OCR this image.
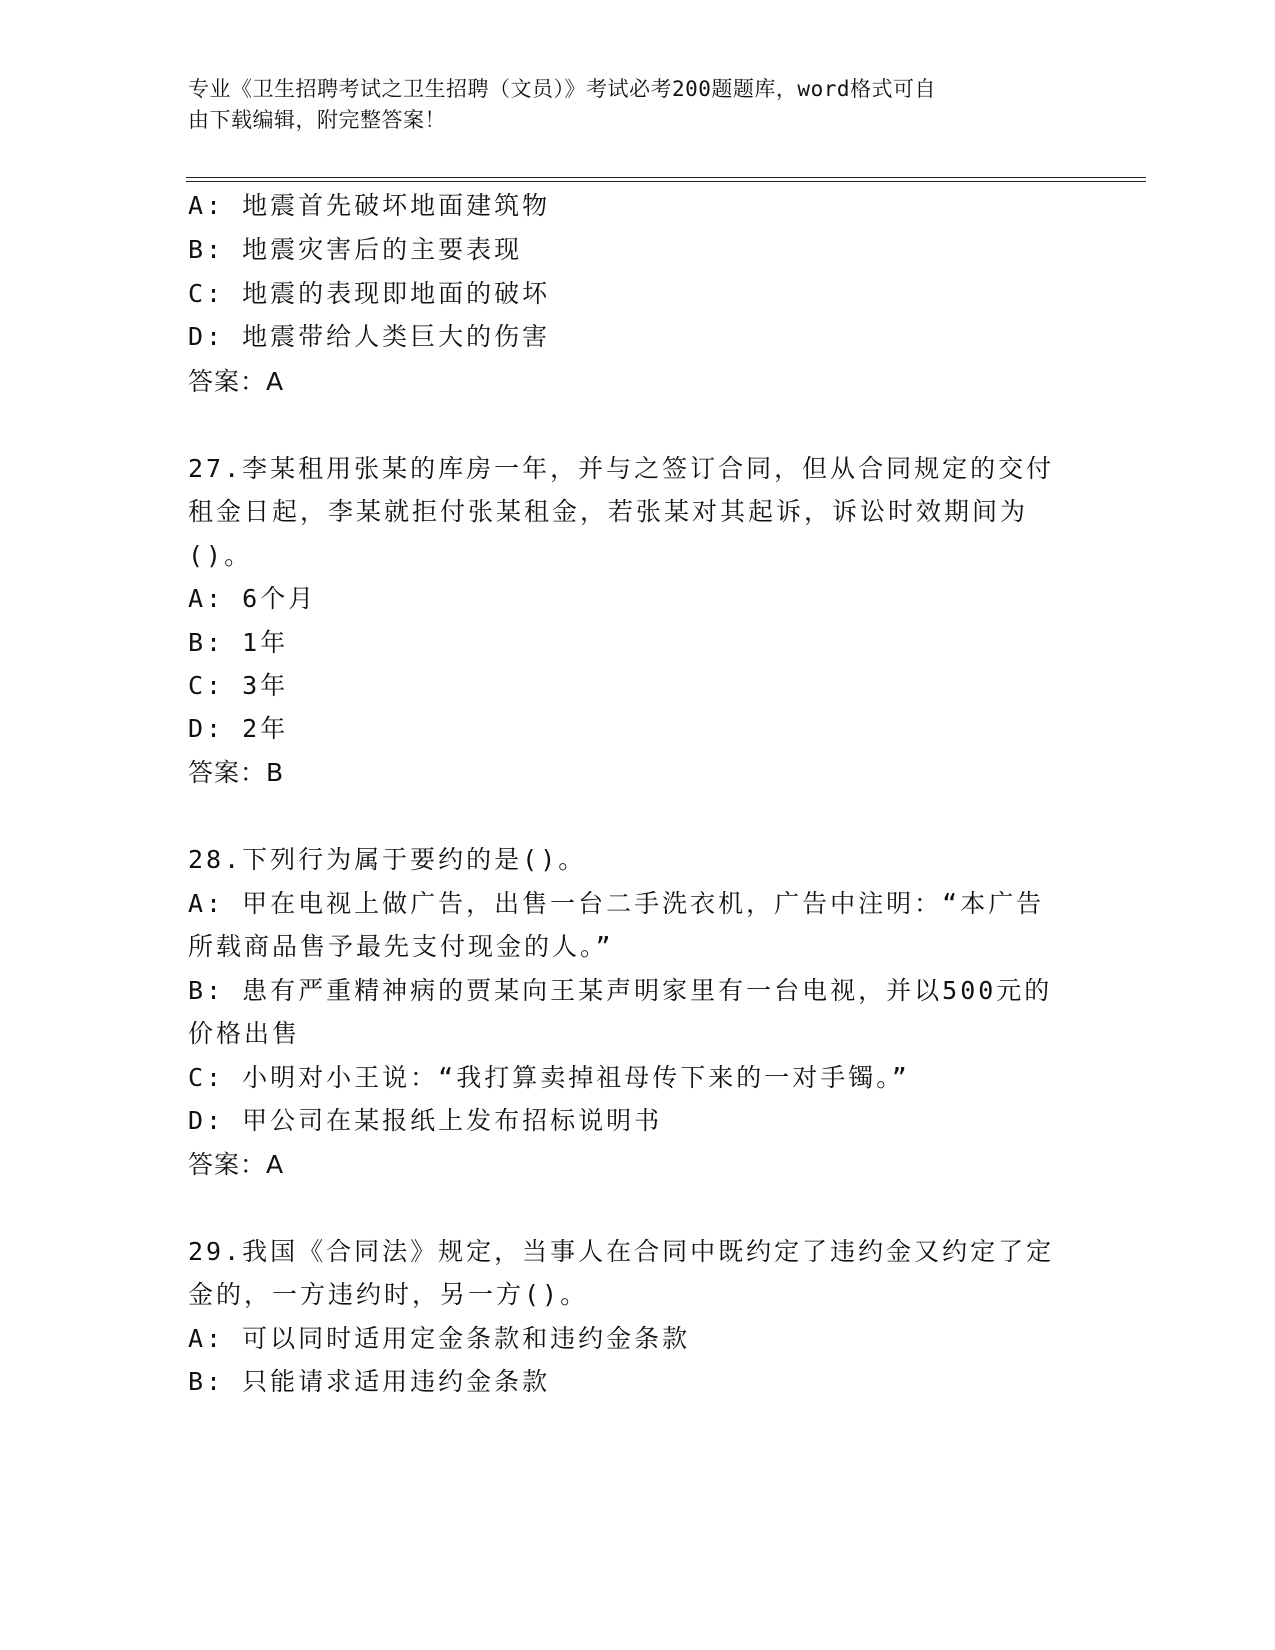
专业《卫生招聘考试之卫生招聘（文员）》考试必考200题题库，word格式可自
由下载编辑，附完整答案！
A: 地震首先破坏地面建筑物
B: 地震灾害后的主要表现
C: 地震的表现即地面的破坏
D: 地震带给人类巨大的伤害
答案：A
27.李某租用张某的库房一年，并与之签订合同，但从合同规定的交付
租金日起，李某就拒付张某租金，若张某对其起诉，诉讼时效期间为
()。
A: 6个月
B: 1年
C: 3年
D: 2年
答案：B
28.下列行为属于要约的是()。
A: 甲在电视上做广告，出售一台二手洗衣机，广告中注明：“本广告
所载商品售予最先支付现金的人。”
B: 患有严重精神病的贾某向王某声明家里有一台电视，并以500元的
价格出售
C: 小明对小王说：“我打算卖掉祖母传下来的一对手镯。”
D: 甲公司在某报纸上发布招标说明书
答案：A
29.我国《合同法》规定，当事人在合同中既约定了违约金又约定了定
金的，一方违约时，另一方()。
A: 可以同时适用定金条款和违约金条款
B: 只能请求适用违约金条款
